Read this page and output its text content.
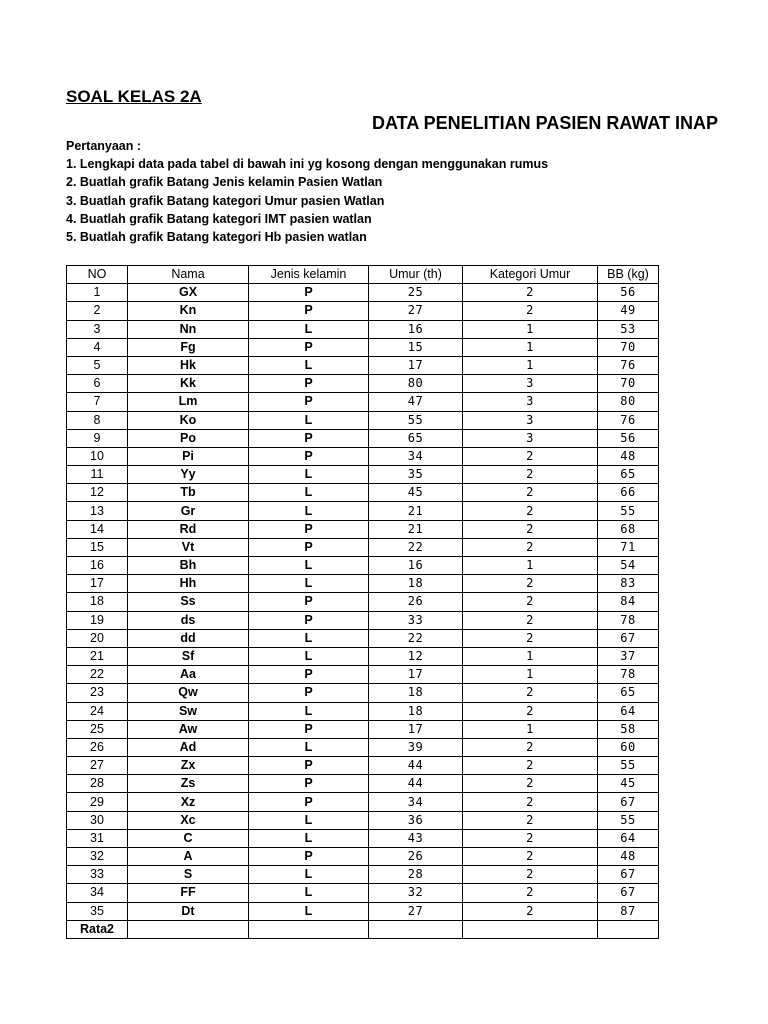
SOAL KELAS 2A
DATA PENELITIAN PASIEN RAWAT INAP
Pertanyaan :
1. Lengkapi data pada tabel di bawah ini yg kosong dengan menggunakan rumus
2. Buatlah grafik Batang Jenis kelamin Pasien Watlan
3. Buatlah grafik Batang kategori Umur pasien Watlan
4. Buatlah grafik Batang kategori IMT pasien watlan
5. Buatlah grafik Batang kategori Hb pasien watlan
NO	Nama	Jenis kelamin	Umur (th)	Kategori Umur	BB (kg)
1	GX	P	25	2	56
2	Kn	P	27	2	49
3	Nn	L	16	1	53
4	Fg	P	15	1	70
5	Hk	L	17	1	76
6	Kk	P	80	3	70
7	Lm	P	47	3	80
8	Ko	L	55	3	76
9	Po	P	65	3	56
10	Pi	P	34	2	48
11	Yy	L	35	2	65
12	Tb	L	45	2	66
13	Gr	L	21	2	55
14	Rd	P	21	2	68
15	Vt	P	22	2	71
16	Bh	L	16	1	54
17	Hh	L	18	2	83
18	Ss	P	26	2	84
19	ds	P	33	2	78
20	dd	L	22	2	67
21	Sf	L	12	1	37
22	Aa	P	17	1	78
23	Qw	P	18	2	65
24	Sw	L	18	2	64
25	Aw	P	17	1	58
26	Ad	L	39	2	60
27	Zx	P	44	2	55
28	Zs	P	44	2	45
29	Xz	P	34	2	67
30	Xc	L	36	2	55
31	C	L	43	2	64
32	A	P	26	2	48
33	S	L	28	2	67
34	FF	L	32	2	67
35	Dt	L	27	2	87
Rata2					
